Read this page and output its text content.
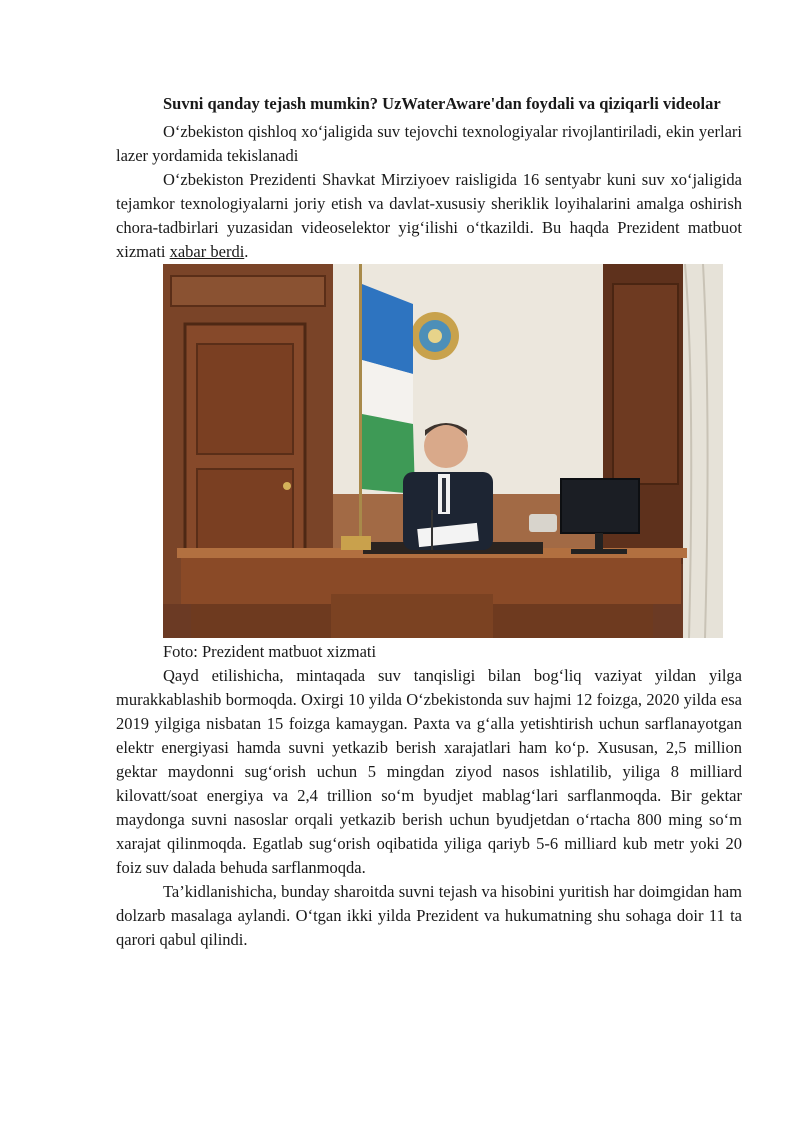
Suvni qanday tejash mumkin? UzWaterAware'dan foydali va qiziqarli videolar

O‘zbekiston qishloq xo‘jaligida suv tejovchi texnologiyalar rivojlantiriladi, ekin yerlari lazer yordamida tekislanadi

O‘zbekiston Prezidenti Shavkat Mirziyoev raisligida 16 sentyabr kuni suv xo‘jaligida tejamkor texnologiyalarni joriy etish va davlat-xususiy sheriklik loyihalarini amalga oshirish chora-tadbirlari yuzasidan videoselektor yig‘ilishi o‘tkazildi. Bu haqda Prezident matbuot xizmati xabar berdi.

Foto: Prezident matbuot xizmati

Qayd etilishicha, mintaqada suv tanqisligi bilan bog‘liq vaziyat yildan yilga murakkablashib bormoqda. Oxirgi 10 yilda O‘zbekistonda suv hajmi 12 foizga, 2020 yilda esa 2019 yilgiga nisbatan 15 foizga kamaygan. Paxta va g‘alla yetishtirish uchun sarflanayotgan elektr energiyasi hamda suvni yetkazib berish xarajatlari ham ko‘p. Xususan, 2,5 million gektar maydonni sug‘orish uchun 5 mingdan ziyod nasos ishlatilib, yiliga 8 milliard kilovatt/soat energiya va 2,4 trillion so‘m byudjet mablag‘lari sarflanmoqda. Bir gektar maydonga suvni nasoslar orqali yetkazib berish uchun byudjetdan o‘rtacha 800 ming so‘m xarajat qilinmoqda. Egatlab sug‘orish oqibatida yiliga qariyb 5-6 milliard kub metr yoki 20 foiz suv dalada behuda sarflanmoqda.

Ta’kidlanishicha, bunday sharoitda suvni tejash va hisobini yuritish har doimgidan ham dolzarb masalaga aylandi. O‘tgan ikki yilda Prezident va hukumatning shu sohaga doir 11 ta qarori qabul qilindi.
